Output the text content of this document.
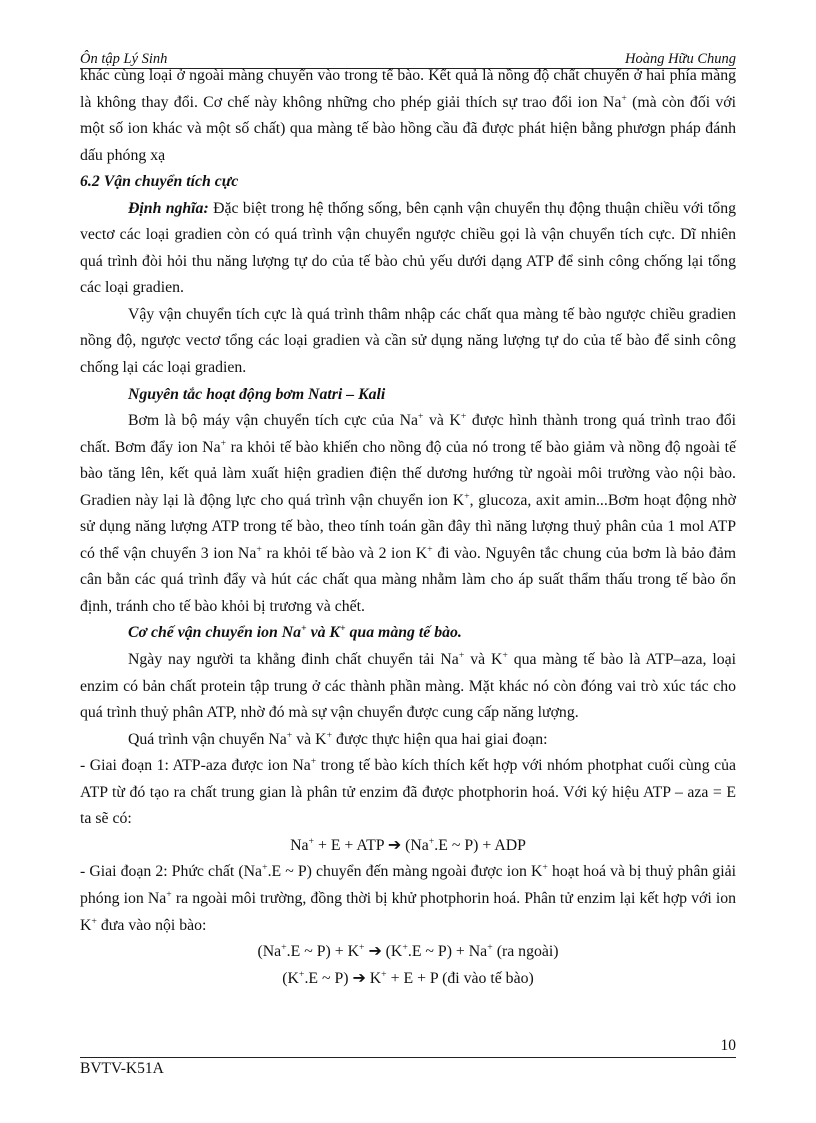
Ôn tập Lý Sinh	Hoàng Hữu Chung

khác cùng loại ở ngoài màng chuyển vào trong tế bào. Kết quả là nồng độ chất chuyển ở hai phía màng là không thay đổi. Cơ chế này không những cho phép giải thích sự trao đổi ion Na+ (mà còn đối với một số ion khác và một số chất) qua màng tế bào hồng cầu đã được phát hiện bằng phươgn pháp đánh dấu phóng xạ

6.2 Vận chuyển tích cực

Định nghĩa: Đặc biệt trong hệ thống sống, bên cạnh vận chuyển thụ động thuận chiều với tổng vectơ các loại gradien còn có quá trình vận chuyển ngược chiều gọi là vận chuyển tích cực. Dĩ nhiên quá trình đòi hỏi thu năng lượng tự do của tế bào chủ yếu dưới dạng ATP để sinh công chống lại tổng các loại gradien.

Vậy vận chuyển tích cực là quá trình thâm nhập các chất qua màng tế bào ngược chiều gradien nồng độ, ngược vectơ tổng các loại gradien và cần sử dụng năng lượng tự do của tế bào để sinh công chống lại các loại gradien.

Nguyên tắc hoạt động bơm Natri – Kali

Bơm là bộ máy vận chuyển tích cực của Na+ và K+ được hình thành trong quá trình trao đổi chất. Bơm đẩy ion Na+ ra khỏi tế bào khiến cho nồng độ của nó trong tế bào giảm và nồng độ ngoài tế bào tăng lên, kết quả làm xuất hiện gradien điện thế dương hướng từ ngoài môi trường vào nội bào. Gradien này lại là động lực cho quá trình vận chuyển ion K+, glucoza, axit amin...Bơm hoạt động nhờ sử dụng năng lượng ATP trong tế bào, theo tính toán gần đây thì năng lượng thuỷ phân của 1 mol ATP có thể vận chuyển 3 ion Na+ ra khỏi tế bào và 2 ion K+ đi vào. Nguyên tắc chung của bơm là bảo đảm cân bằn các quá trình đẩy và hút các chất qua màng nhằm làm cho áp suất thẩm thấu trong tế bào ổn định, tránh cho tế bào khỏi bị trương và chết.

Cơ chế vận chuyển ion Na+ và K+ qua màng tế bào.

Ngày nay người ta khẳng đinh chất chuyển tải Na+ và K+ qua màng tế bào là ATP–aza, loại enzim có bản chất protein tập trung ở các thành phần màng. Mặt khác nó còn đóng vai trò xúc tác cho quá trình thuỷ phân ATP, nhờ đó mà sự vận chuyển được cung cấp năng lượng.

Quá trình vận chuyển Na+ và K+ được thực hiện qua hai giai đoạn:

- Giai đoạn 1: ATP-aza được ion Na+ trong tế bào kích thích kết hợp với nhóm photphat cuối cùng của ATP từ đó tạo ra chất trung gian là phân tử enzim đã được photphorin hoá. Với ký hiệu ATP – aza = E ta sẽ có:

Na+ + E + ATP ➔ (Na+.E ~ P) + ADP

- Giai đoạn 2: Phức chất (Na+.E ~ P) chuyển đến màng ngoài được ion K+ hoạt hoá và bị thuỷ phân giải phóng ion Na+ ra ngoài môi trường, đồng thời bị khử photphorin hoá. Phân tử enzim lại kết hợp với ion K+ đưa vào nội bào:

(Na+.E ~ P) + K+ ➔ (K+.E ~ P) + Na+ (ra ngoài)

(K+.E ~ P) ➔ K+ + E + P (đi vào tế bào)

10
BVTV-K51A
